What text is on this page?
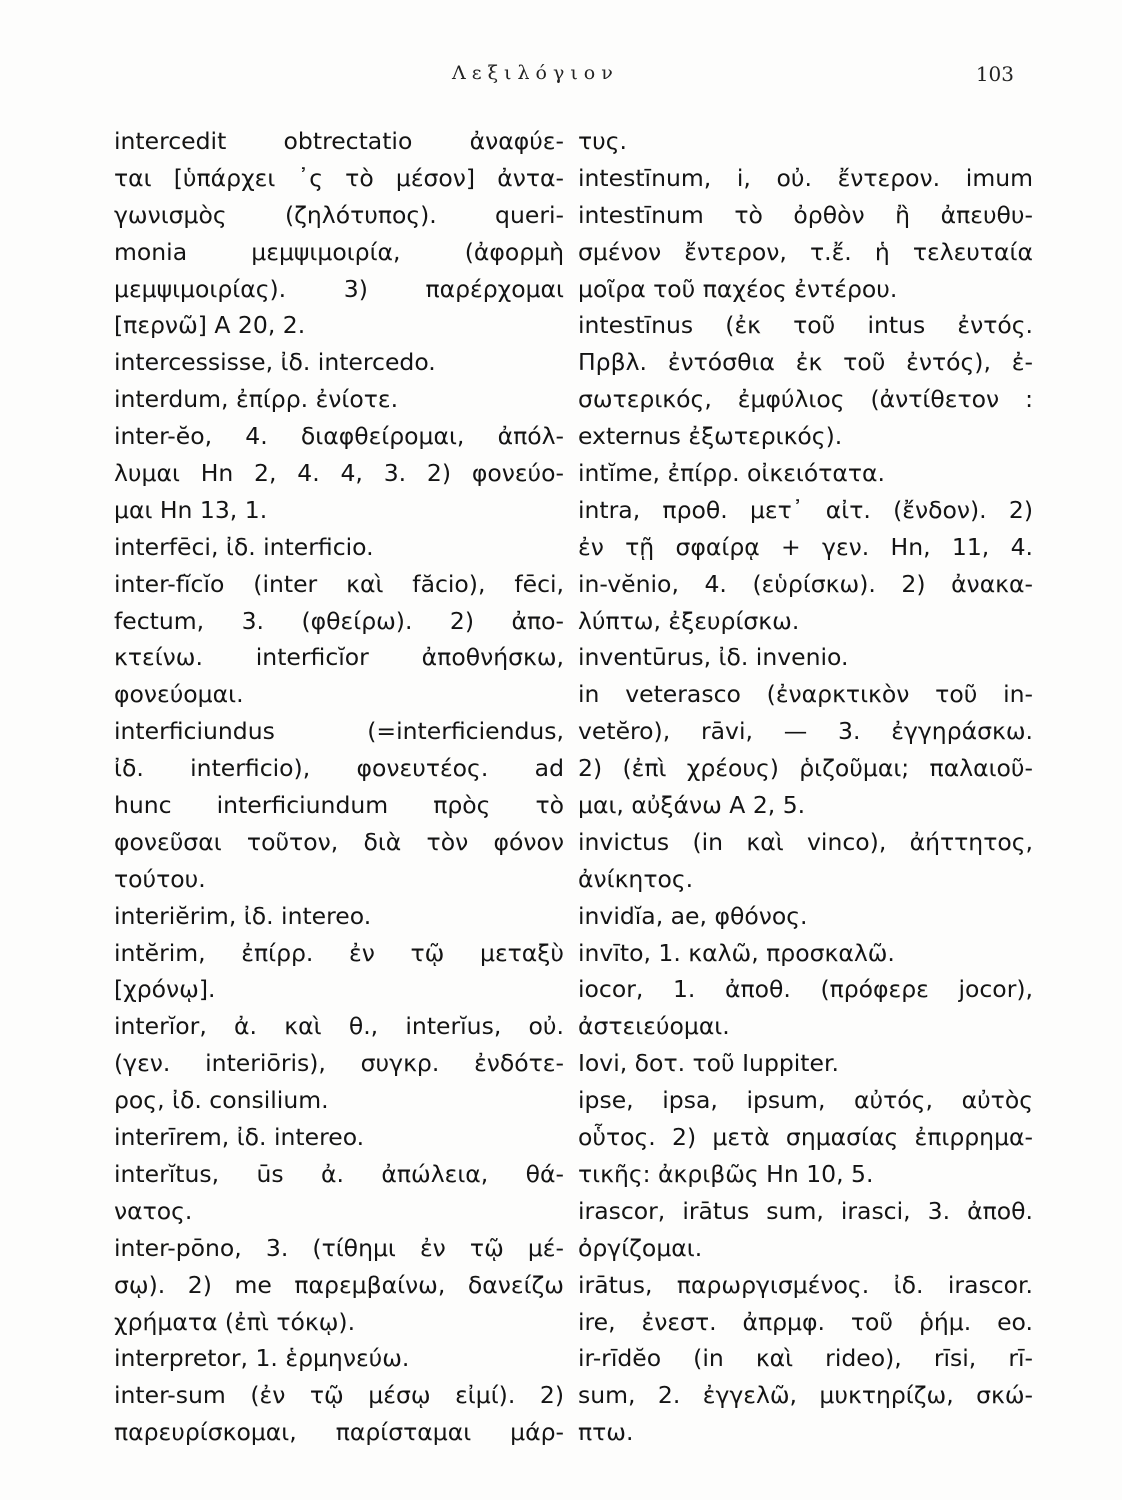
Λεξιλόγιον	103
intercedit obtrectatio ἀναφύε-
ται [ὑπάρχει ᾿ς τὸ μέσον] ἀντα-
γωνισμὸς (ζηλότυπος). queri-
monia μεμψιμοιρία, (ἀφορμὴ
μεμψιμοιρίας). 3) παρέρχομαι
[περνῶ] A 20, 2.
intercessisse, ἰδ. intercedo.
interdum, ἐπίρρ. ἐνίοτε.
inter-ĕo, 4. διαφθείρομαι, ἀπόλ-
λυμαι Hn 2, 4. 4, 3. 2) φονεύο-
μαι Hn 13, 1.
interfēci, ἰδ. interficio.
inter-fĭcĭo (inter καὶ făcio), fēci,
fectum, 3. (φθείρω). 2) ἀπο-
κτείνω. interficĭor ἀποθνήσκω,
φονεύομαι.
interficiundus (=interficiendus,
ἰδ. interficio), φονευτέος. ad
hunc interficiundum πρὸς τὸ
φονεῦσαι τοῦτον, διὰ τὸν φόνον
τούτου.
interiĕrim, ἰδ. intereo.
intĕrim, ἐπίρρ. ἐν τῷ μεταξὺ
[χρόνῳ].
interĭor, ἀ. καὶ θ., interĭus, οὐ.
(γεν. interiōris), συγκρ. ἐνδότε-
ρος, ἰδ. consilium.
interīrem, ἰδ. intereo.
interĭtus, ūs ἀ. ἀπώλεια, θά-
νατος.
inter-pōno, 3. (τίθημι ἐν τῷ μέ-
σῳ). 2) me παρεμβαίνω, δανείζω
χρήματα (ἐπὶ τόκῳ).
interpretor, 1. ἑρμηνεύω.
inter-sum (ἐν τῷ μέσῳ εἰμί). 2)
παρευρίσκομαι, παρίσταμαι μάρ-
τυς.
intestīnum, i, οὐ. ἔντερον. imum
intestīnum τὸ ὀρθὸν ἢ ἀπευθυ-
σμένον ἔντερον, τ.ἔ. ἡ τελευταία
μοῖρα τοῦ παχέος ἐντέρου.
intestīnus (ἐκ τοῦ intus ἐντός.
Πρβλ. ἐντόσθια ἐκ τοῦ ἐντός), ἐ-
σωτερικός, ἐμφύλιος (ἀντίθετον :
externus ἐξωτερικός).
intĭme, ἐπίρρ. οἰκειότατα.
intra, προθ. μετ᾿ αἰτ. (ἔνδον). 2)
ἐν τῇ σφαίρᾳ + γεν. Hn, 11, 4.
in-vĕnio, 4. (εὑρίσκω). 2) ἀνακα-
λύπτω, ἐξευρίσκω.
inventūrus, ἰδ. invenio.
in veterasco (ἐναρκτικὸν τοῦ in-
vetĕro), rāvi, — 3. ἐγγηράσκω.
2) (ἐπὶ χρέους) ῥιζοῦμαι; παλαιοῦ-
μαι, αὐξάνω A 2, 5.
invictus (in καὶ vinco), ἀήττητος,
ἀνίκητος.
invidĭa, ae, φθόνος.
invīto, 1. καλῶ, προσκαλῶ.
iocor, 1. ἀποθ. (πρόφερε jocor),
ἀστειεύομαι.
Iovi, δοτ. τοῦ Iuppiter.
ipse, ipsa, ipsum, αὐτός, αὐτὸς
οὗτος. 2) μετὰ σημασίας ἐπιρρημα-
τικῆς: ἀκριβῶς Hn 10, 5.
irascor, irātus sum, irasci, 3. ἀποθ.
ὀργίζομαι.
irātus, παρωργισμένος. ἰδ. irascor.
ire, ἐνεστ. ἀπρμφ. τοῦ ῥήμ. eo.
ir-rīdĕo (in καὶ rideo), rīsi, rī-
sum, 2. ἐγγελῶ, μυκτηρίζω, σκώ-
πτω.
